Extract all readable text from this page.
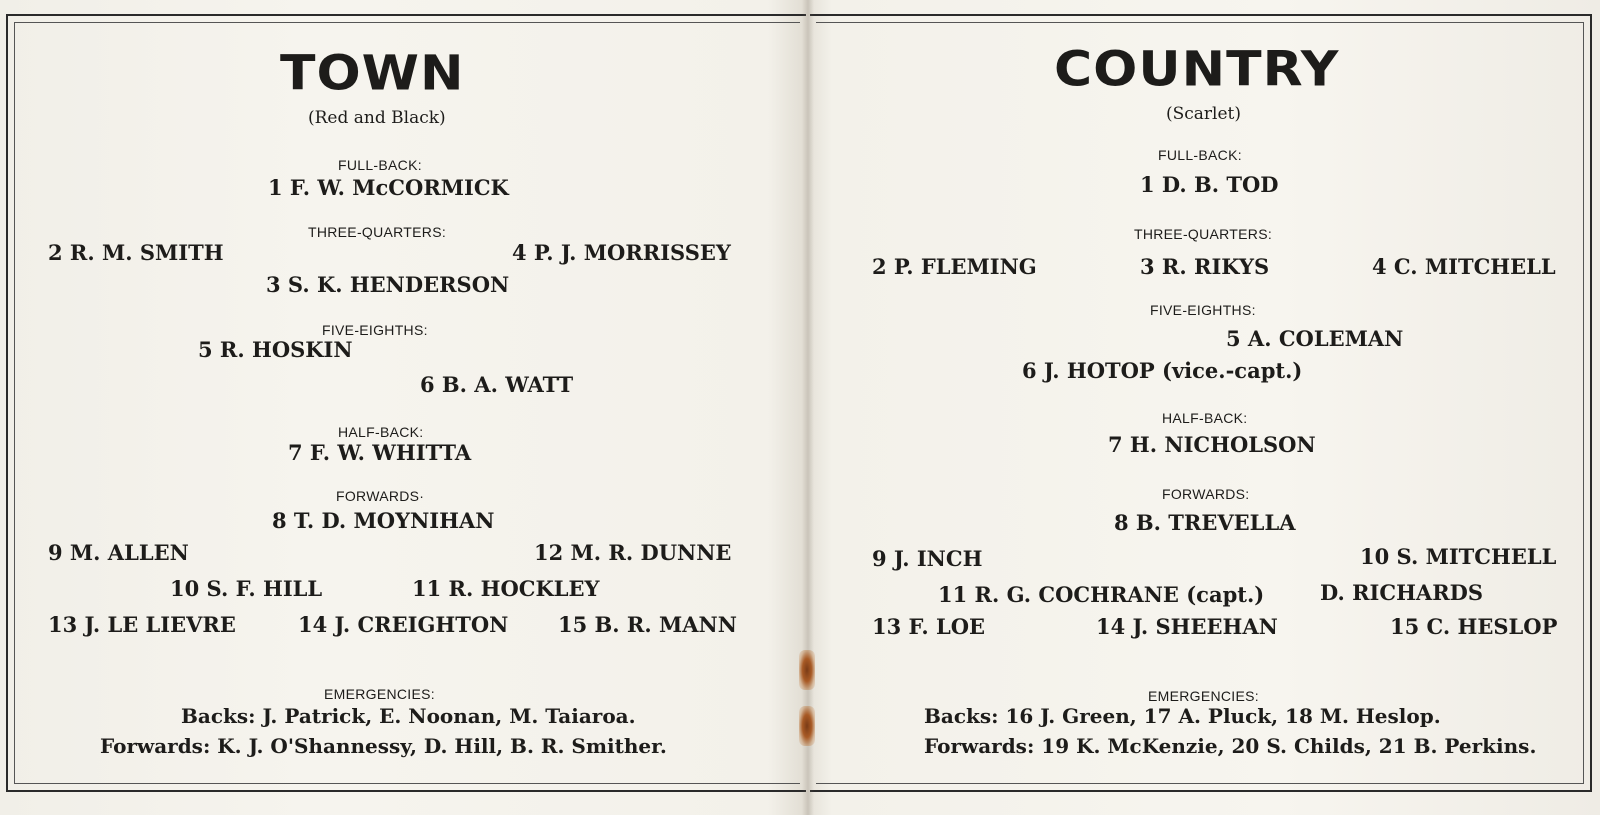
TOWN
(Red and Black)
FULL-BACK:
1 F. W. McCORMICK
THREE-QUARTERS:
2 R. M. SMITH	4 P. J. MORRISSEY
3 S. K. HENDERSON
FIVE-EIGHTHS:
5 R. HOSKIN
6 B. A. WATT
HALF-BACK:
7 F. W. WHITTA
FORWARDS·
8 T. D. MOYNIHAN
9 M. ALLEN	12 M. R. DUNNE
10 S. F. HILL	11 R. HOCKLEY
13 J. LE LIEVRE	14 J. CREIGHTON 15 B. R. MANN
EMERGENCIES:
Backs: J. Patrick, E. Noonan, M. Taiaroa.
Forwards: K. J. O'Shannessy, D. Hill, B. R. Smither.
COUNTRY
(Scarlet)
FULL-BACK:
1 D. B. TOD
THREE-QUARTERS:
2 P. FLEMING	3 R. RIKYS	4 C. MITCHELL
FIVE-EIGHTHS:
5 A. COLEMAN
6 J. HOTOP (vice.-capt.)
HALF-BACK:
7 H. NICHOLSON
FORWARDS:
8 B. TREVELLA
9 J. INCH	10 S. MITCHELL
11 R. G. COCHRANE (capt.)	D. RICHARDS
13 F. LOE	14 J. SHEEHAN	15 C. HESLOP
EMERGENCIES:
Backs: 16 J. Green, 17 A. Pluck, 18 M. Heslop.
Forwards: 19 K. McKenzie, 20 S. Childs, 21 B. Perkins.
